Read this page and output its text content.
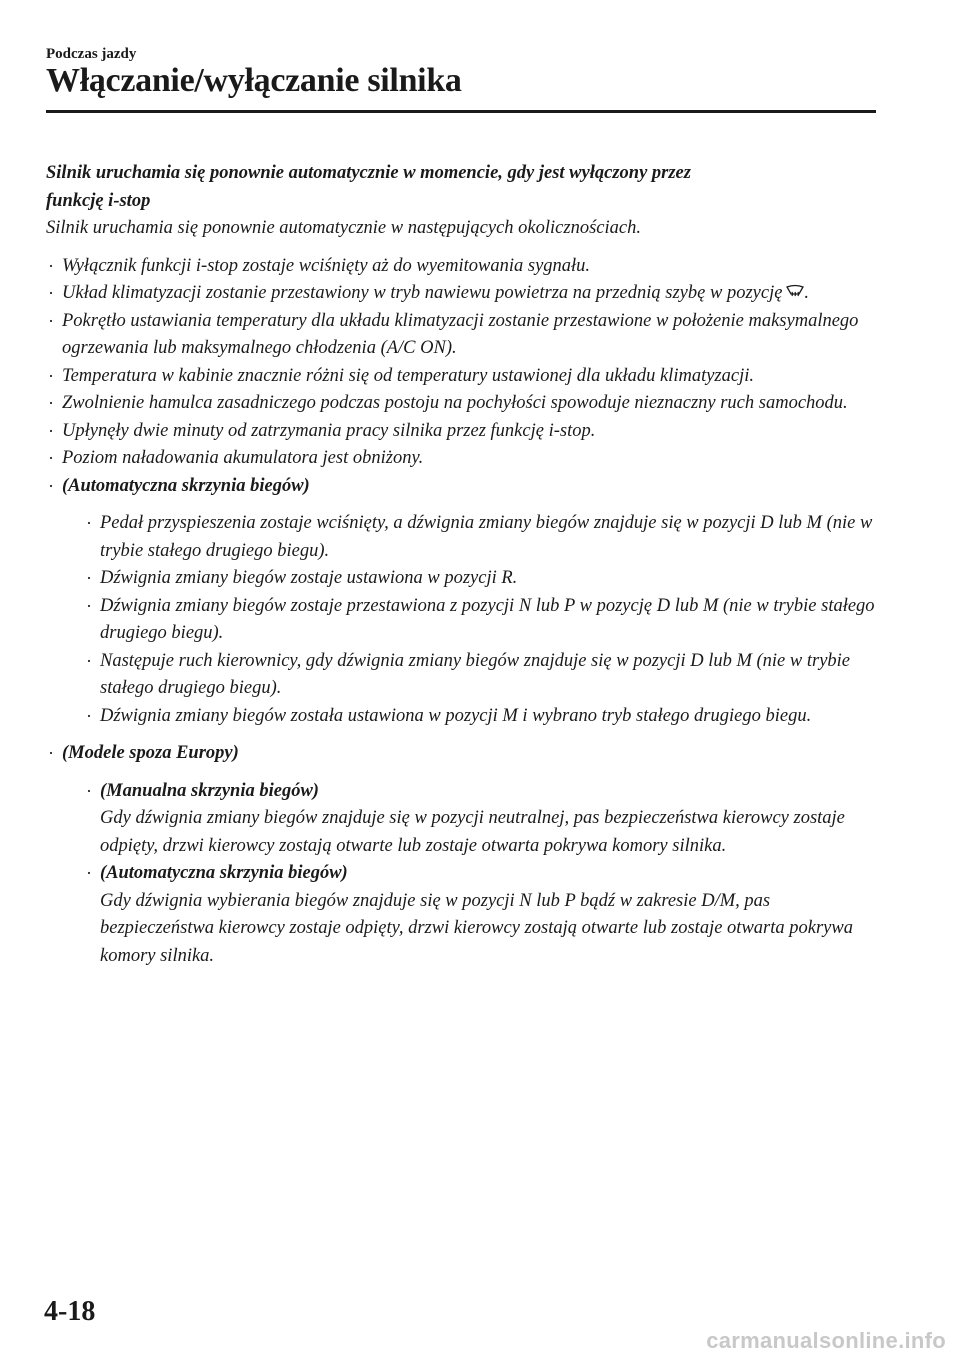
Podczas jazdy
Włączanie/wyłączanie silnika

Silnik uruchamia się ponownie automatycznie w momencie, gdy jest wyłączony przez
funkcję i-stop

Silnik uruchamia się ponownie automatycznie w następujących okolicznościach.

· Wyłącznik funkcji i-stop zostaje wciśnięty aż do wyemitowania sygnału.
· Układ klimatyzacji zostanie przestawiony w tryb nawiewu powietrza na przednią szybę w pozycję .
· Pokrętło ustawiania temperatury dla układu klimatyzacji zostanie przestawione w położenie maksymalnego ogrzewania lub maksymalnego chłodzenia (A/C ON).
· Temperatura w kabinie znacznie różni się od temperatury ustawionej dla układu klimatyzacji.
· Zwolnienie hamulca zasadniczego podczas postoju na pochyłości spowoduje nieznaczny ruch samochodu.
· Upłynęły dwie minuty od zatrzymania pracy silnika przez funkcję i-stop.
· Poziom naładowania akumulatora jest obniżony.
· (Automatyczna skrzynia biegów)
· Pedał przyspieszenia zostaje wciśnięty, a dźwignia zmiany biegów znajduje się w pozycji D lub M (nie w trybie stałego drugiego biegu).
· Dźwignia zmiany biegów zostaje ustawiona w pozycji R.
· Dźwignia zmiany biegów zostaje przestawiona z pozycji N lub P w pozycję D lub M (nie w trybie stałego drugiego biegu).
· Następuje ruch kierownicy, gdy dźwignia zmiany biegów znajduje się w pozycji D lub M (nie w trybie stałego drugiego biegu).
· Dźwignia zmiany biegów została ustawiona w pozycji M i wybrano tryb stałego drugiego biegu.
· (Modele spoza Europy)
· (Manualna skrzynia biegów)
Gdy dźwignia zmiany biegów znajduje się w pozycji neutralnej, pas bezpieczeństwa kierowcy zostaje odpięty, drzwi kierowcy zostają otwarte lub zostaje otwarta pokrywa komory silnika.
· (Automatyczna skrzynia biegów)
Gdy dźwignia wybierania biegów znajduje się w pozycji N lub P bądź w zakresie D/M, pas bezpieczeństwa kierowcy zostaje odpięty, drzwi kierowcy zostają otwarte lub zostaje otwarta pokrywa komory silnika.
4-18
carmanualsonline.info
